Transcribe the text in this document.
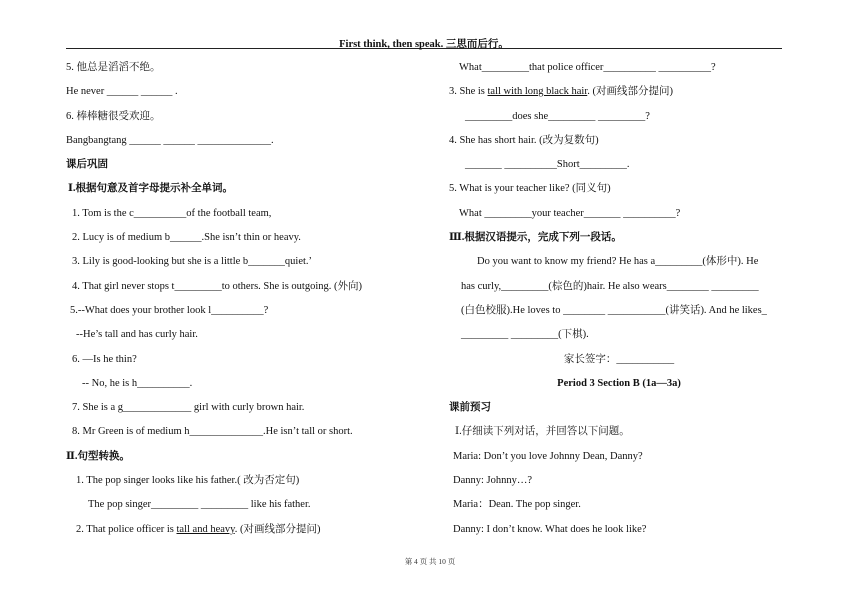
First think, then speak. 三思而后行。
5. 他总是滔滔不绝。
He never ______ ______ .
6. 棒棒糖很受欢迎。
Bangbangtang ______ ______ ______________.
课后巩固
Ⅰ.根据句意及首字母提示补全单词。
1. Tom is the c__________of the football team,
2. Lucy is of medium b______.She isn’t thin or heavy.
3. Lily is good-looking but she is a little b_______quiet.’
4. That girl never stops t_________to others. She is outgoing. (外向)
5.--What does your brother look l__________?
--He’s tall and has curly hair.
6. —Is he thin?
-- No, he is h__________.
7. She is a g_____________ girl with curly brown hair.
8. Mr Green is of medium h______________.He isn’t tall or short.
Ⅱ.句型转换。
1. The pop singer looks like his father.( 改为否定句)
The pop singer_________ _________ like his father.
2. That police officer is tall and heavy. (对画线部分提问)
What_________that police officer__________ __________?
3. She is tall with long black hair. (对画线部分提问)
_________does she_________ _________?
4. She has short hair. (改为复数句)
_______ __________Short_________.
5. What is your teacher like? (同义句)
What _________your teacher_______ __________?
Ⅲ.根据汉语提示，完成下列一段话。
Do you want to know my friend? He has a_________(体形中). He
has curly,_________(棕色的)hair. He also wears________ _________
(白色校服).He loves to ________ ___________(讲笑话). And he likes_
_________ _________(下棋).
家长签字：___________
Period 3 Section B (1a—3a)
课前预习
Ⅰ.仔细读下列对话，并回答以下问题。
Maria: Don’t you love Johnny Dean, Danny?
Danny: Johnny…?
Maria：Dean. The pop singer.
Danny: I don’t know. What does he look like?
第 4 页 共 10 页
